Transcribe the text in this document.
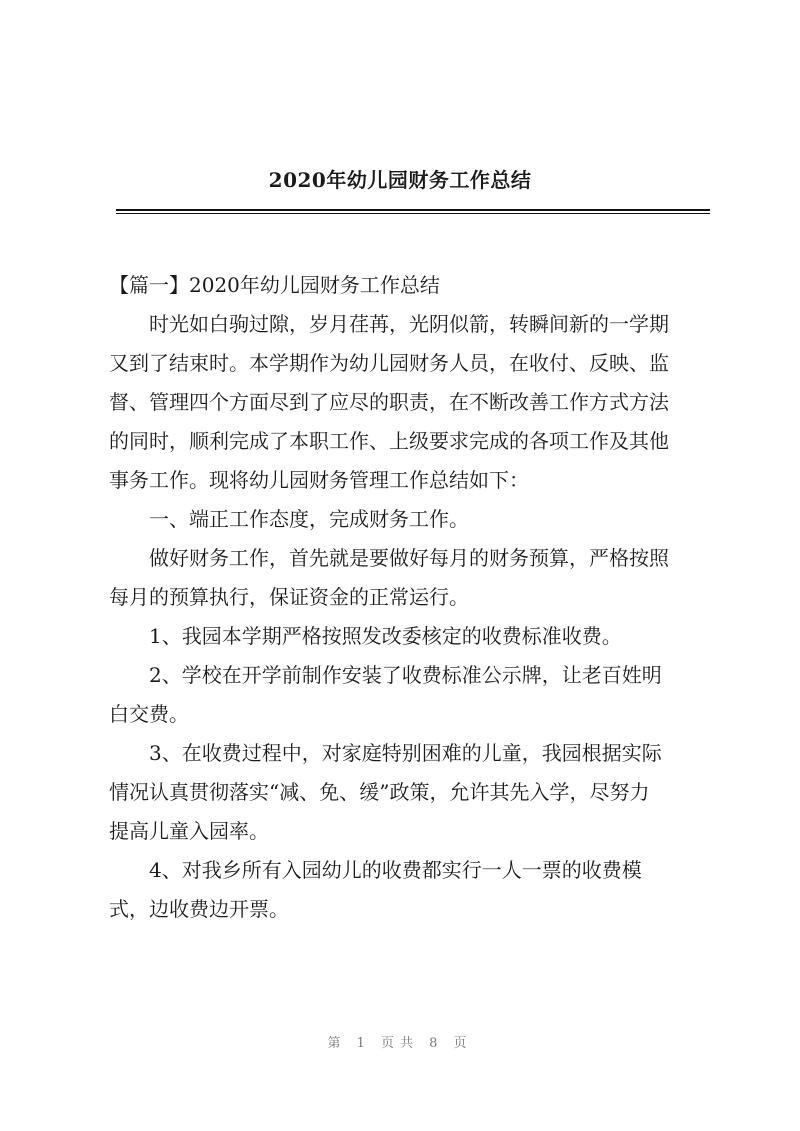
2020年幼儿园财务工作总结
【篇一】2020年幼儿园财务工作总结
时光如白驹过隙，岁月荏苒，光阴似箭，转瞬间新的一学期
又到了结束时。本学期作为幼儿园财务人员，在收付、反映、监
督、管理四个方面尽到了应尽的职责，在不断改善工作方式方法
的同时，顺利完成了本职工作、上级要求完成的各项工作及其他
事务工作。现将幼儿园财务管理工作总结如下：
一、端正工作态度，完成财务工作。
做好财务工作，首先就是要做好每月的财务预算，严格按照
每月的预算执行，保证资金的正常运行。
1、我园本学期严格按照发改委核定的收费标准收费。
2、学校在开学前制作安装了收费标准公示牌，让老百姓明
白交费。
3、在收费过程中，对家庭特别困难的儿童，我园根据实际
情况认真贯彻落实“减、免、缓”政策，允许其先入学，尽努力
提高儿童入园率。
4、对我乡所有入园幼儿的收费都实行一人一票的收费模
式，边收费边开票。
第 1 页共 8 页
